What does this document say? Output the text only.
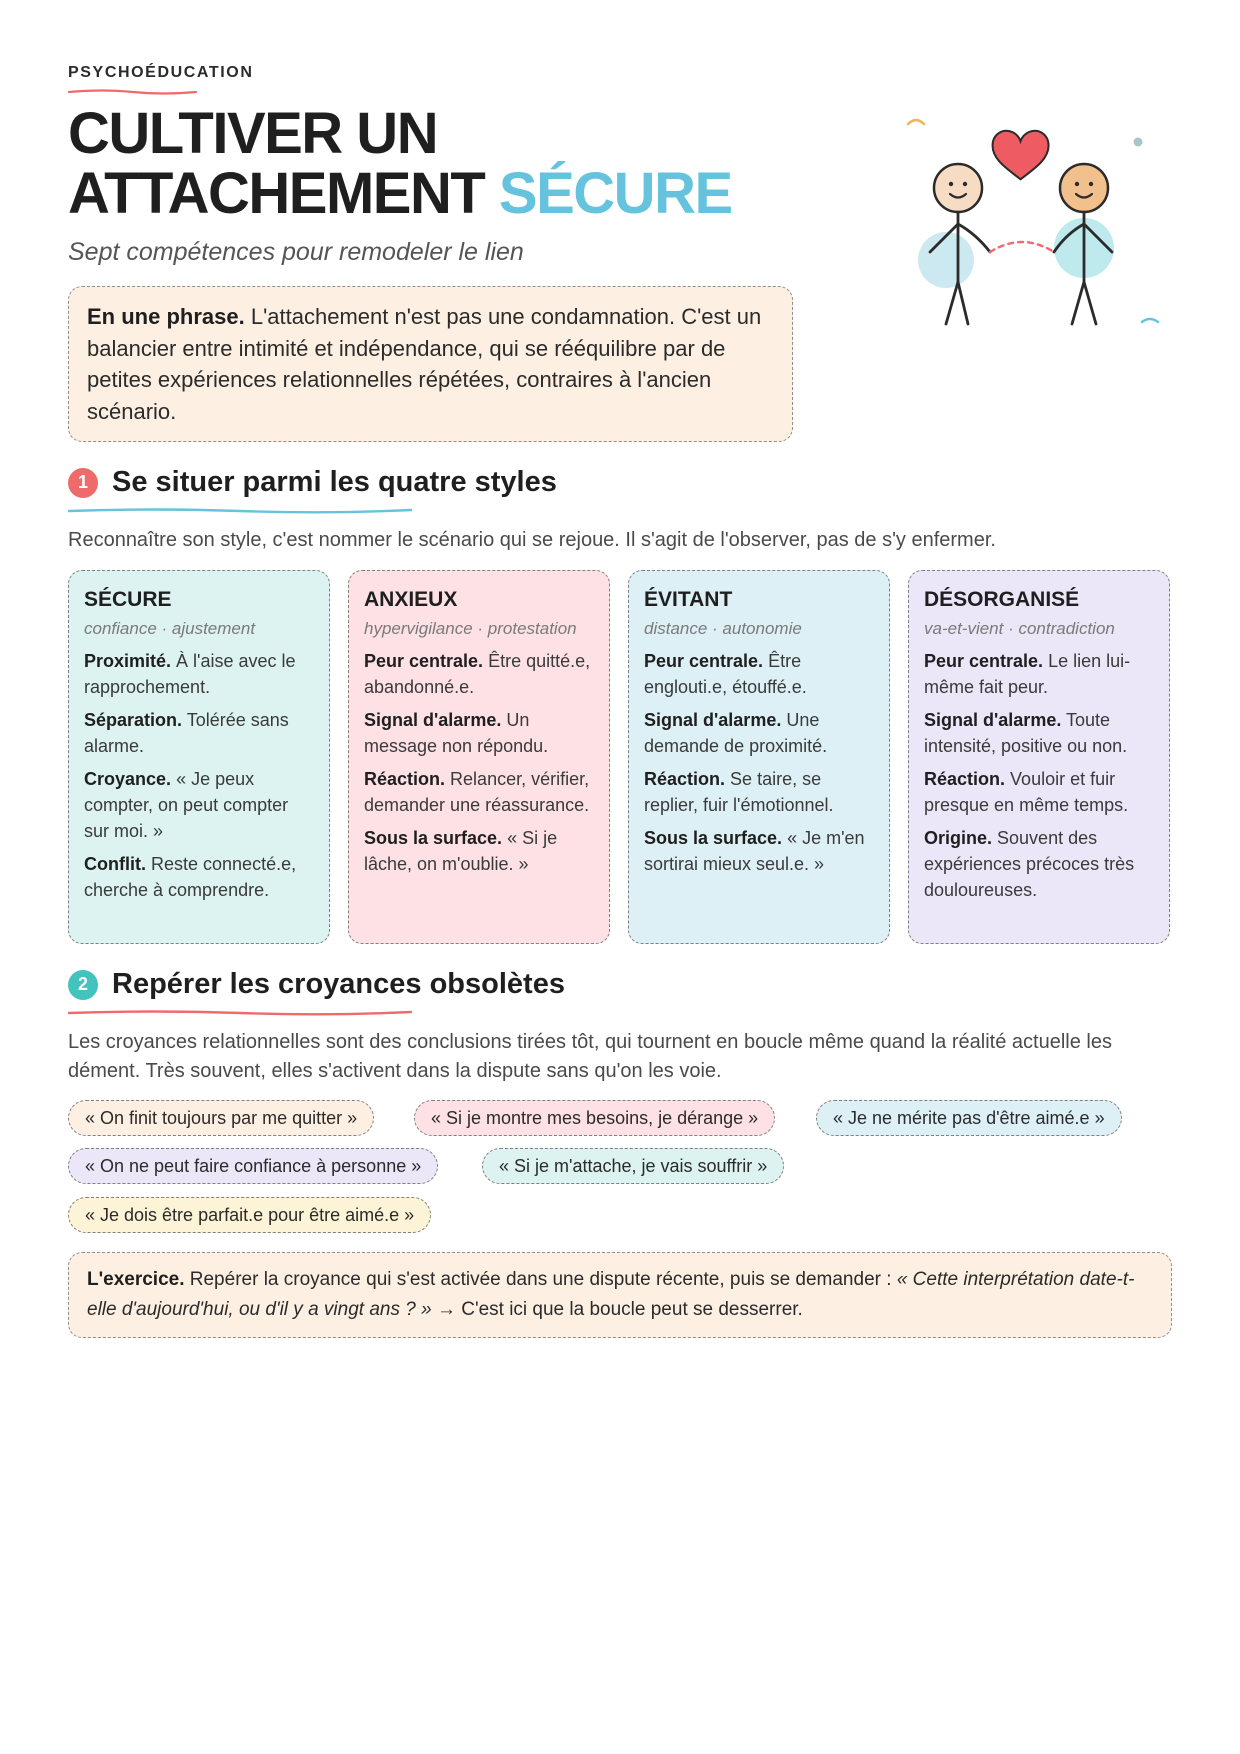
PSYCHOÉDUCATION
CULTIVER UN
ATTACHEMENT SÉCURE
Sept compétences pour remodeler le lien
En une phrase. L'attachement n'est pas une condamnation. C'est un balancier entre intimité et indépendance, qui se rééquilibre par de petites expériences relationnelles répétées, contraires à l'ancien scénario.
1 Se situer parmi les quatre styles
Reconnaître son style, c'est nommer le scénario qui se rejoue. Il s'agit de l'observer, pas de s'y enfermer.
SÉCURE
confiance · ajustement
Proximité. À l'aise avec le rapprochement.
Séparation. Tolérée sans alarme.
Croyance. « Je peux compter, on peut compter sur moi. »
Conflit. Reste connecté.e, cherche à comprendre.
ANXIEUX
hypervigilance · protestation
Peur centrale. Être quitté.e, abandonné.e.
Signal d'alarme. Un message non répondu.
Réaction. Relancer, vérifier, demander une réassurance.
Sous la surface. « Si je lâche, on m'oublie. »
ÉVITANT
distance · autonomie
Peur centrale. Être englouti.e, étouffé.e.
Signal d'alarme. Une demande de proximité.
Réaction. Se taire, se replier, fuir l'émotionnel.
Sous la surface. « Je m'en sortirai mieux seul.e. »
DÉSORGANISÉ
va-et-vient · contradiction
Peur centrale. Le lien lui-même fait peur.
Signal d'alarme. Toute intensité, positive ou non.
Réaction. Vouloir et fuir presque en même temps.
Origine. Souvent des expériences précoces très douloureuses.
2 Repérer les croyances obsolètes
Les croyances relationnelles sont des conclusions tirées tôt, qui tournent en boucle même quand la réalité actuelle les dément. Très souvent, elles s'activent dans la dispute sans qu'on les voie.
« On finit toujours par me quitter »	« Si je montre mes besoins, je dérange »	« Je ne mérite pas d'être aimé.e »
« On ne peut faire confiance à personne »	« Si je m'attache, je vais souffrir »
« Je dois être parfait.e pour être aimé.e »
L'exercice. Repérer la croyance qui s'est activée dans une dispute récente, puis se demander : « Cette interprétation date-t-elle d'aujourd'hui, ou d'il y a vingt ans ? » → C'est ici que la boucle peut se desserrer.
